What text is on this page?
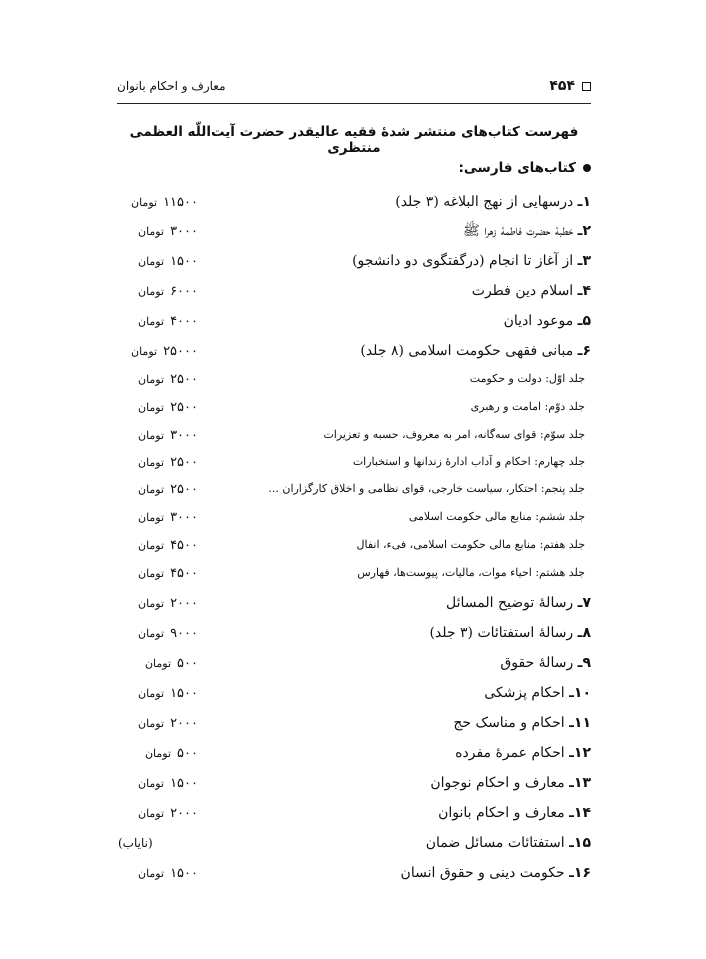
۴۵۴
معارف و احکام بانوان
فهرست کتاب‌های منتشر شدهٔ فقیه عالیقدر حضرت آیت‌اللّه العظمی منتظری
کتاب‌های فارسی:
۱ـ درسهایی از نهج البلاغه (۳ جلد)
۱۱۵۰۰تومان
۲ـ خطبهٔ حضرت فاطمهٔ زهرا ﷺ
۳۰۰۰تومان
۳ـ از آغاز تا انجام (درگفتگوی دو دانشجو)
۱۵۰۰تومان
۴ـ اسلام دین فطرت
۶۰۰۰تومان
۵ـ موعود ادیان
۴۰۰۰تومان
۶ـ مبانی فقهی حکومت اسلامی (۸ جلد)
۲۵۰۰۰تومان
جلد اوّل: دولت و حکومت
۲۵۰۰تومان
جلد دوّم: امامت و رهبری
۲۵۰۰تومان
جلد سوّم: قوای سه‌گانه، امر به معروف، حسبه و تعزیرات
۳۰۰۰تومان
جلد چهارم: احکام و آداب ادارهٔ زندانها و استخبارات
۲۵۰۰تومان
جلد پنجم: احتکار، سیاست خارجی، قوای نظامی و اخلاق کارگزاران ...
۲۵۰۰تومان
جلد ششم: منابع مالی حکومت اسلامی
۳۰۰۰تومان
جلد هفتم: منابع مالی حکومت اسلامی، فیء، انفال
۴۵۰۰تومان
جلد هشتم: احیاء موات، مالیات، پیوست‌ها، فهارس
۴۵۰۰تومان
۷ـ رسالهٔ توضیح المسائل
۲۰۰۰تومان
۸ـ رسالهٔ استفتائات (۳ جلد)
۹۰۰۰تومان
۹ـ رسالهٔ حقوق
۵۰۰تومان
۱۰ـ احکام پزشکی
۱۵۰۰تومان
۱۱ـ احکام و مناسک حج
۲۰۰۰تومان
۱۲ـ احکام عمرهٔ مفرده
۵۰۰تومان
۱۳ـ معارف و احکام نوجوان
۱۵۰۰تومان
۱۴ـ معارف و احکام بانوان
۲۰۰۰تومان
۱۵ـ استفتائات مسائل ضمان
(نایاب)
۱۶ـ حکومت دینی و حقوق انسان
۱۵۰۰تومان
